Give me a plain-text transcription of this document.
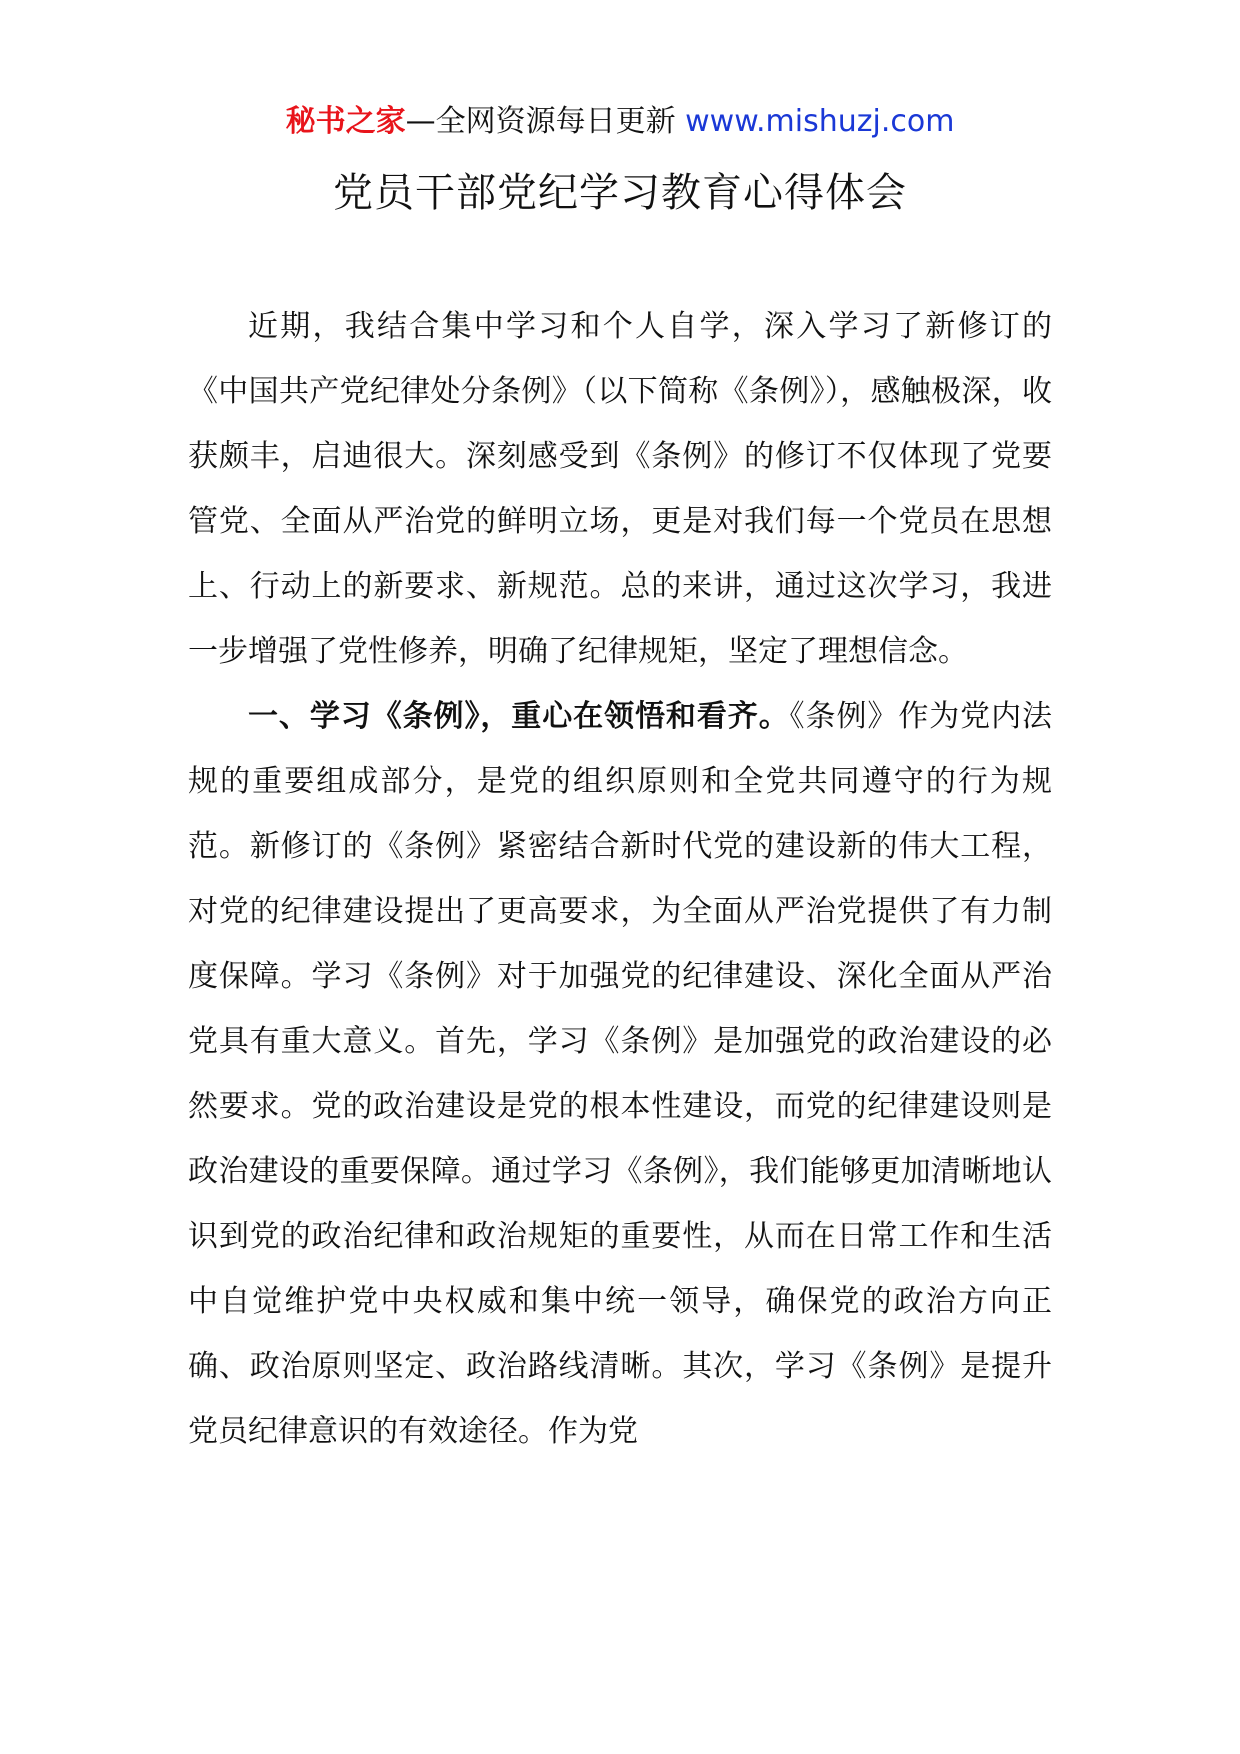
秘书之家—全网资源每日更新 www.mishuzj.com
党员干部党纪学习教育心得体会

近期，我结合集中学习和个人自学，深入学习了新修订的《中国共产党纪律处分条例》（以下简称《条例》），感触极深，收获颇丰，启迪很大。深刻感受到《条例》的修订不仅体现了党要管党、全面从严治党的鲜明立场，更是对我们每一个党员在思想上、行动上的新要求、新规范。总的来讲，通过这次学习，我进一步增强了党性修养，明确了纪律规矩，坚定了理想信念。

一、学习《条例》，重心在领悟和看齐。《条例》作为党内法规的重要组成部分，是党的组织原则和全党共同遵守的行为规范。新修订的《条例》紧密结合新时代党的建设新的伟大工程，对党的纪律建设提出了更高要求，为全面从严治党提供了有力制度保障。学习《条例》对于加强党的纪律建设、深化全面从严治党具有重大意义。首先，学习《条例》是加强党的政治建设的必然要求。党的政治建设是党的根本性建设，而党的纪律建设则是政治建设的重要保障。通过学习《条例》，我们能够更加清晰地认识到党的政治纪律和政治规矩的重要性，从而在日常工作和生活中自觉维护党中央权威和集中统一领导，确保党的政治方向正确、政治原则坚定、政治路线清晰。其次，学习《条例》是提升党员纪律意识的有效途径。作为党
